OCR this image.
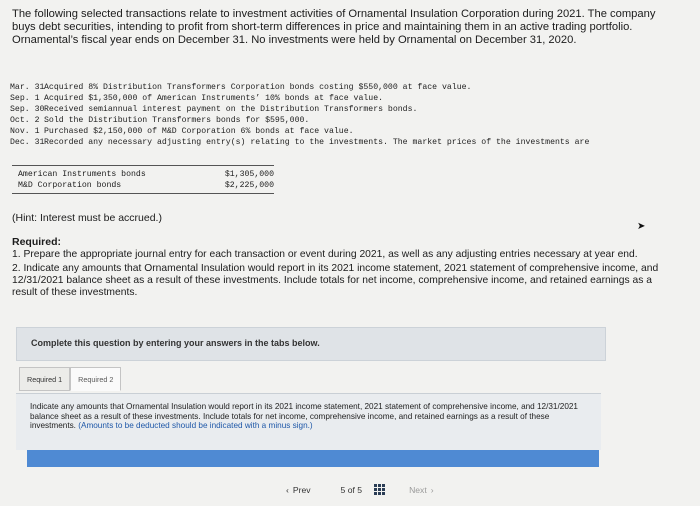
The following selected transactions relate to investment activities of Ornamental Insulation Corporation during 2021. The company buys debt securities, intending to profit from short-term differences in price and maintaining them in an active trading portfolio. Ornamental’s fiscal year ends on December 31. No investments were held by Ornamental on December 31, 2020.
Mar. 31 Acquired 8% Distribution Transformers Corporation bonds costing $550,000 at face value.
Sep. 1 Acquired $1,350,000 of American Instruments’ 10% bonds at face value.
Sep. 30 Received semiannual interest payment on the Distribution Transformers bonds.
Oct. 2 Sold the Distribution Transformers bonds for $595,000.
Nov. 1 Purchased $2,150,000 of M&D Corporation 6% bonds at face value.
Dec. 31 Recorded any necessary adjusting entry(s) relating to the investments. The market prices of the investments are
American Instruments bonds	$1,305,000
M&D Corporation bonds	$2,225,000
(Hint: Interest must be accrued.)
➤
Required:

1. Prepare the appropriate journal entry for each transaction or event during 2021, as well as any adjusting entries necessary at year end.

2. Indicate any amounts that Ornamental Insulation would report in its 2021 income statement, 2021 statement of comprehensive income, and 12/31/2021 balance sheet as a result of these investments. Include totals for net income, comprehensive income, and retained earnings as a result of these investments.

Complete this question by entering your answers in the tabs below.
Required 1	Required 2
Indicate any amounts that Ornamental Insulation would report in its 2021 income statement, 2021 statement of comprehensive income, and 12/31/2021 balance sheet as a result of these investments. Include totals for net income, comprehensive income, and retained earnings as a result of these investments. (Amounts to be deducted should be indicated with a minus sign.)
‹ Prev	5 of 5	Next ›
